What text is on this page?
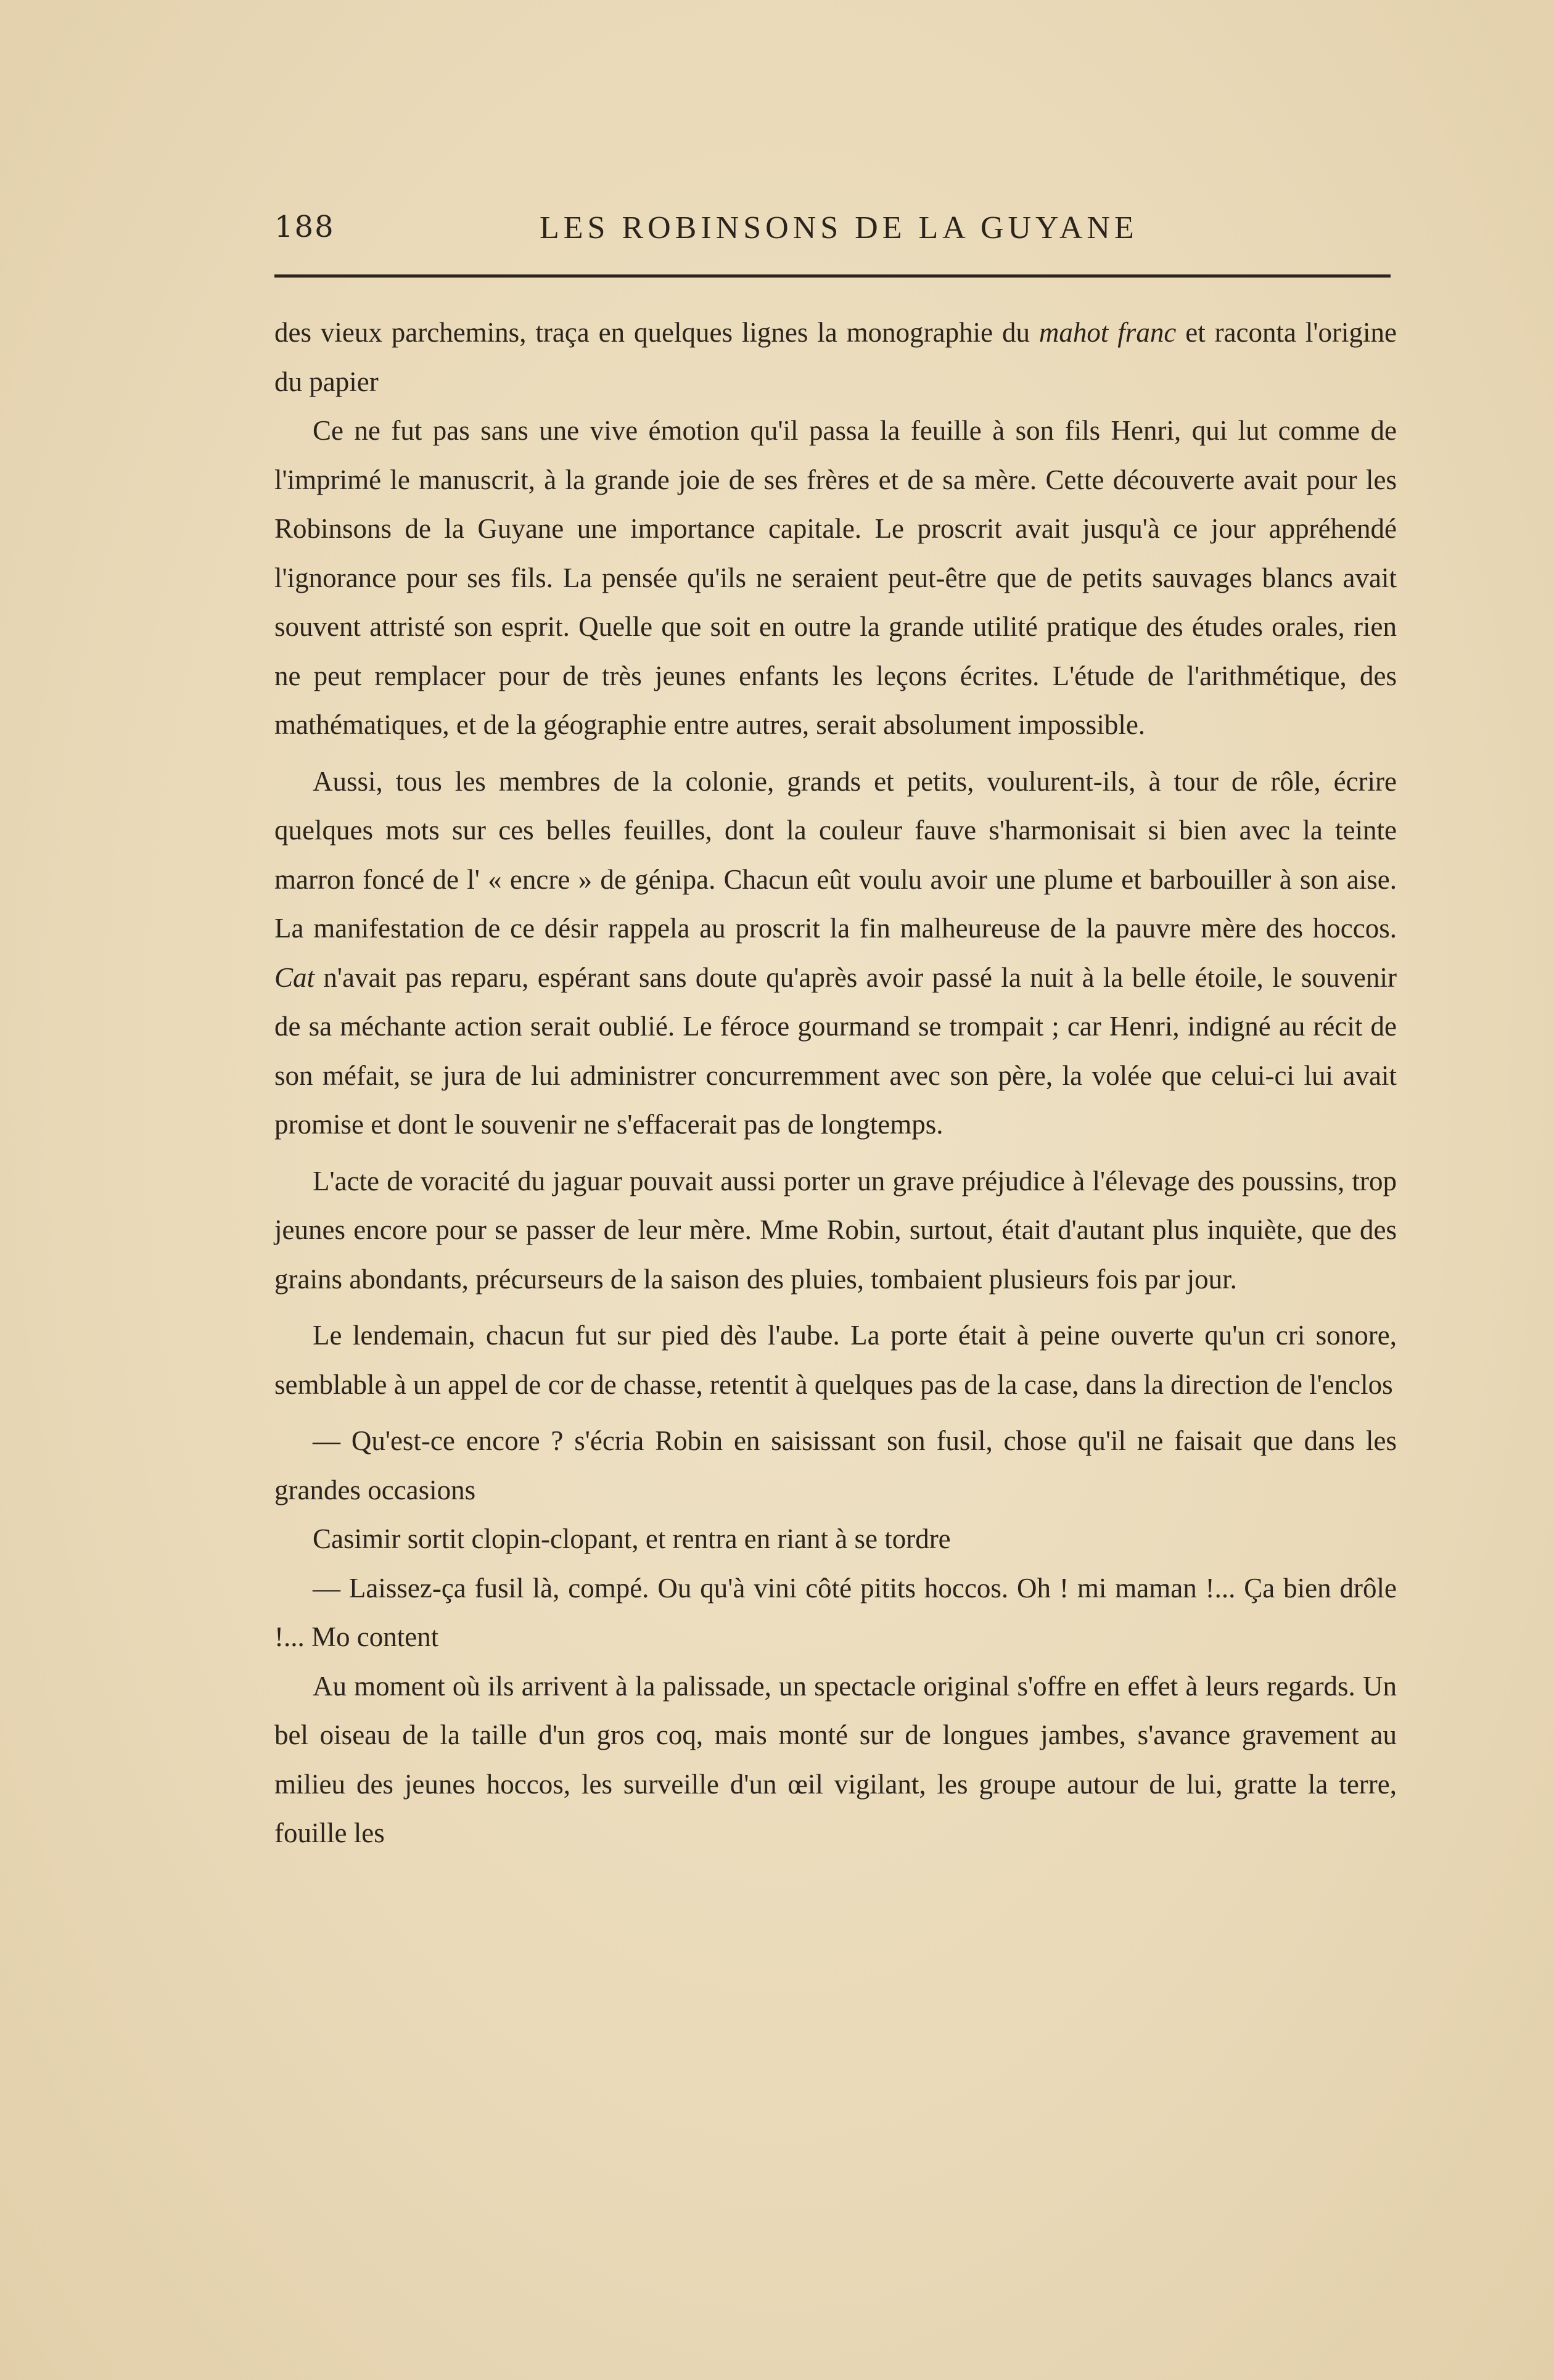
188	LES ROBINSONS DE LA GUYANE

des vieux parchemins, traça en quelques lignes la monographie du mahot franc et raconta l'origine du papier

Ce ne fut pas sans une vive émotion qu'il passa la feuille à son fils Henri, qui lut comme de l'imprimé le manuscrit, à la grande joie de ses frères et de sa mère. Cette découverte avait pour les Robinsons de la Guyane une importance capitale. Le proscrit avait jusqu'à ce jour appréhendé l'ignorance pour ses fils. La pensée qu'ils ne seraient peut-être que de petits sauvages blancs avait souvent attristé son esprit. Quelle que soit en outre la grande utilité pratique des études orales, rien ne peut remplacer pour de très jeunes enfants les leçons écrites. L'étude de l'arithmétique, des mathématiques, et de la géographie entre autres, serait absolument impossible.

Aussi, tous les membres de la colonie, grands et petits, voulurent-ils, à tour de rôle, écrire quelques mots sur ces belles feuilles, dont la couleur fauve s'harmonisait si bien avec la teinte marron foncé de l' « encre » de génipa. Chacun eût voulu avoir une plume et barbouiller à son aise. La manifestation de ce désir rappela au proscrit la fin malheureuse de la pauvre mère des hoccos. Cat n'avait pas reparu, espérant sans doute qu'après avoir passé la nuit à la belle étoile, le souvenir de sa méchante action serait oublié. Le féroce gourmand se trompait ; car Henri, indigné au récit de son méfait, se jura de lui administrer concurremment avec son père, la volée que celui-ci lui avait promise et dont le souvenir ne s'effacerait pas de longtemps.

L'acte de voracité du jaguar pouvait aussi porter un grave préjudice à l'élevage des poussins, trop jeunes encore pour se passer de leur mère. Mme Robin, surtout, était d'autant plus inquiète, que des grains abondants, précurseurs de la saison des pluies, tombaient plusieurs fois par jour.

Le lendemain, chacun fut sur pied dès l'aube. La porte était à peine ouverte qu'un cri sonore, semblable à un appel de cor de chasse, retentit à quelques pas de la case, dans la direction de l'enclos

— Qu'est-ce encore ? s'écria Robin en saisissant son fusil, chose qu'il ne faisait que dans les grandes occasions

Casimir sortit clopin-clopant, et rentra en riant à se tordre

— Laissez-ça fusil là, compé. Ou qu'à vini côté pitits hoccos. Oh ! mi maman !... Ça bien drôle !... Mo content

Au moment où ils arrivent à la palissade, un spectacle original s'offre en effet à leurs regards. Un bel oiseau de la taille d'un gros coq, mais monté sur de longues jambes, s'avance gravement au milieu des jeunes hoccos, les surveille d'un œil vigilant, les groupe autour de lui, gratte la terre, fouille les
